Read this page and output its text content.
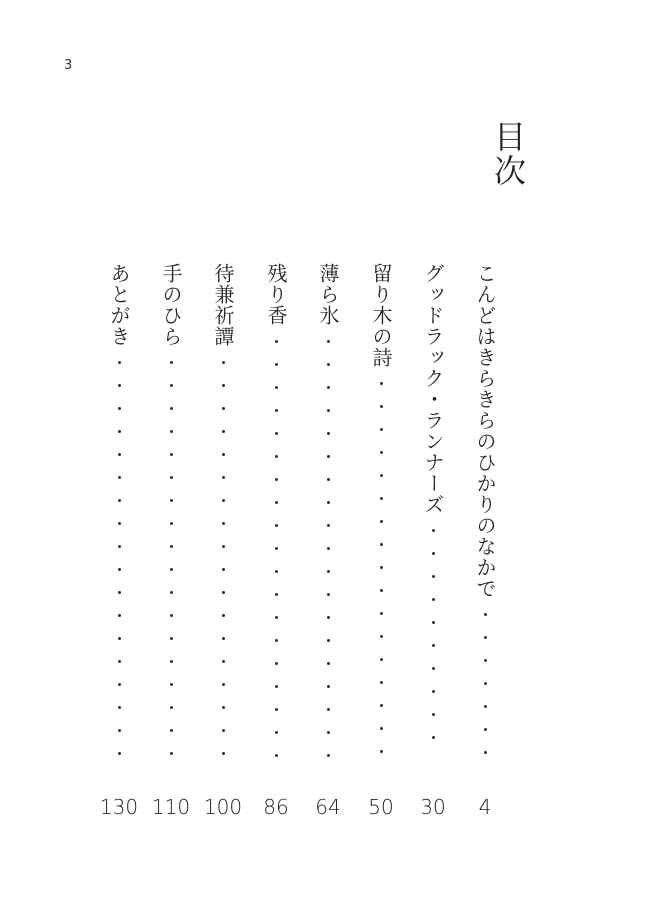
3
目次
こんどはきらきらのひかりのなかで
4
グッドラック・ランナーズ
30
留り木の詩
50
薄ら氷
64
残り香
86
待兼祈譚
100
手のひら
110
あとがき
130
